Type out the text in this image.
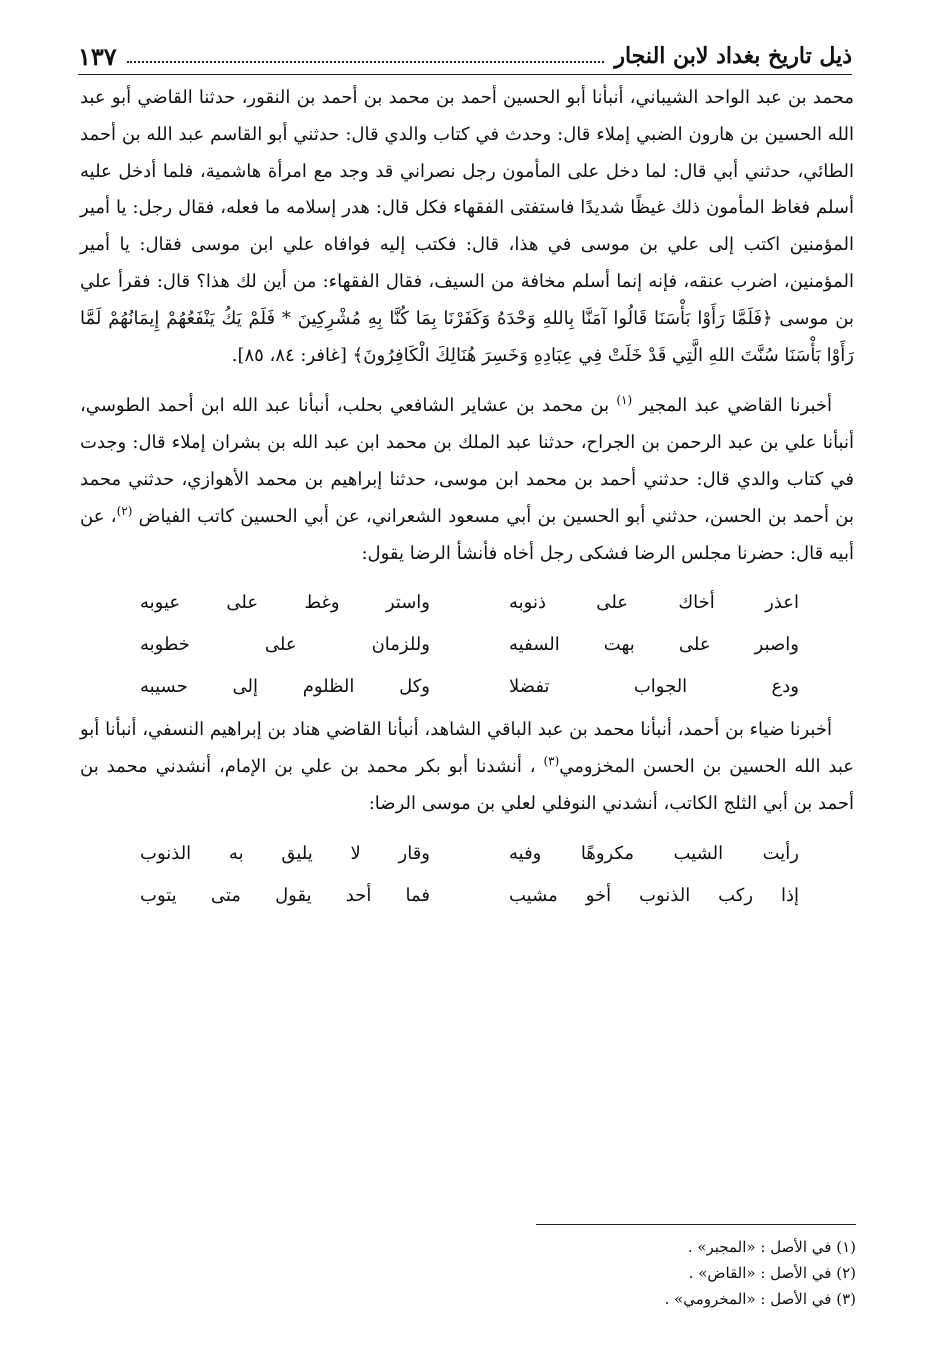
ذيل تاريخ بغداد لابن النجار
١٣٧

محمد بن عبد الواحد الشيباني، أنبأنا أبو الحسين أحمد بن محمد بن أحمد بن النقور، حدثنا القاضي أبو عبد الله الحسين بن هارون الضبي إملاء قال: وحدث في كتاب والدي قال: حدثني أبو القاسم عبد الله بن أحمد الطائي، حدثني أبي قال: لما دخل على المأمون رجل نصراني قد وجد مع امرأة هاشمية، فلما أدخل عليه أسلم فغاظ المأمون ذلك غيظًا شديدًا فاستفتى الفقهاء فكل قال: هدر إسلامه ما فعله، فقال رجل: يا أمير المؤمنين اكتب إلى علي بن موسى في هذا، قال: فكتب إليه فوافاه علي ابن موسى فقال: يا أمير المؤمنين، اضرب عنقه، فإنه إنما أسلم مخافة من السيف، فقال الفقهاء: من أين لك هذا؟ قال: فقرأ علي بن موسى ﴿فَلَمَّا رَأَوْا بَأْسَنَا قَالُوا آمَنَّا بِاللهِ وَحْدَهُ وَكَفَرْنَا بِمَا كُنَّا بِهِ مُشْرِكِينَ * فَلَمْ يَكُ يَنْفَعُهُمْ إِيمَانُهُمْ لَمَّا رَأَوْا بَأْسَنَا سُنَّتَ اللهِ الَّتِي قَدْ خَلَتْ فِي عِبَادِهِ وَخَسِرَ هُنَالِكَ الْكَافِرُونَ﴾ [غافر: ٨٤، ٨٥].

أخبرنا القاضي عبد المجير $^{(١)}$ بن محمد بن عشاير الشافعي بحلب، أنبأنا عبد الله ابن أحمد الطوسي، أنبأنا علي بن عبد الرحمن بن الجراح، حدثنا عبد الملك بن محمد ابن عبد الله بن بشران إملاء قال: وجدت في كتاب والدي قال: حدثني أحمد بن محمد ابن موسى، حدثنا إبراهيم بن محمد الأهوازي، حدثني محمد بن أحمد بن الحسن، حدثني أبو الحسين بن أبي مسعود الشعراني، عن أبي الحسين كاتب الفياض $^{(٢)}$، عن أبيه قال: حضرنا مجلس الرضا فشكى رجل أخاه فأنشأ الرضا يقول:

اعذر أخاك على ذنوبه
واستر وغط على عيوبه
واصبر على بهت السفيه
وللزمان على خطوبه
ودع الجواب تفضلا
وكل الظلوم إلى حسيبه

أخبرنا ضياء بن أحمد، أنبأنا محمد بن عبد الباقي الشاهد، أنبأنا القاضي هناد بن إبراهيم النسفي، أنبأنا أبو عبد الله الحسين بن الحسن المخزومي$^{(٣)}$ ، أنشدنا أبو بكر محمد بن علي بن الإمام، أنشدني محمد بن أحمد بن أبي الثلج الكاتب، أنشدني النوفلي لعلي بن موسى الرضا:

رأيت الشيب مكروهًا وفيه
وقار لا يليق به الذنوب
إذا ركب الذنوب أخو مشيب
فما أحد يقول متى يتوب
(١) في الأصل : «المجبر» .
(٢) في الأصل : «القاض» .
(٣) في الأصل : «المخرومي» .
